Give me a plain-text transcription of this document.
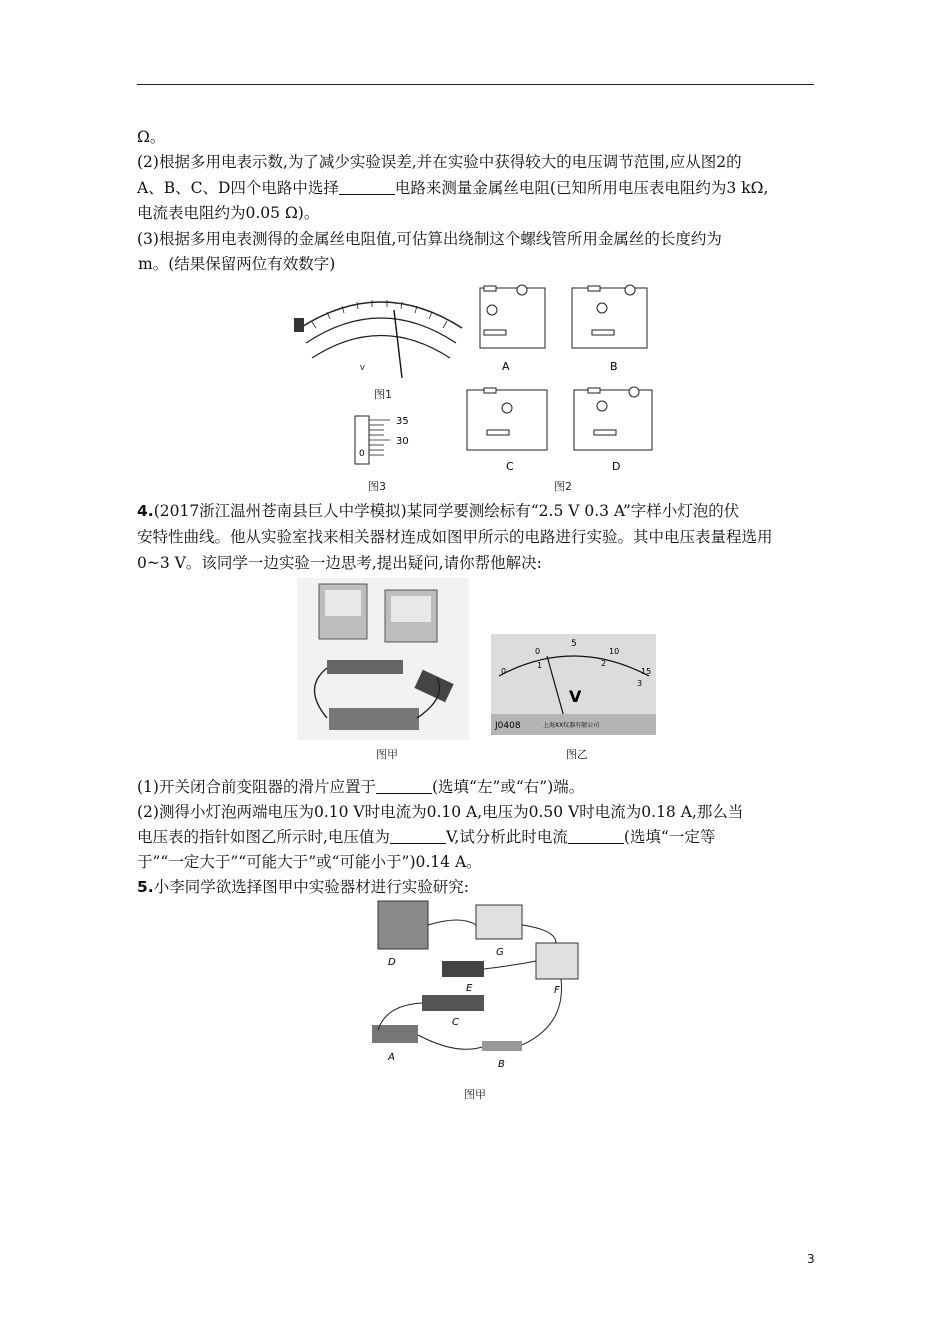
Ω。
(2)根据多用电表示数,为了减少实验误差,并在实验中获得较大的电压调节范围,应从图2的
A、B、C、D四个电路中选择	电路来测量金属丝电阻(已知所用电压表电阻约为3 kΩ,
电流表电阻约为0.05 Ω)。
(3)根据多用电表测得的金属丝电阻值,可估算出绕制这个螺线管所用金属丝的长度约为
m。(结果保留两位有效数字)
V
图1
35
30
0
图3
A	B
C	D
图2
4.(2017浙江温州苍南县巨人中学模拟)某同学要测绘标有“2.5 V 0.3 A”字样小灯泡的伏
安特性曲线。他从实验室找来相关器材连成如图甲所示的电路进行实验。其中电压表量程选用
0~3 V。该同学一边实验一边思考,提出疑问,请你帮他解决:
图甲
0
0
5
10
15
1	2
3
V
J0408	上海XX仪器有限公司
图乙
(1)开关闭合前变阻器的滑片应置于	(选填“左”或“右”)端。
(2)测得小灯泡两端电压为0.10 V时电流为0.10 A,电压为0.50 V时电流为0.18 A,那么当
电压表的指针如图乙所示时,电压值为	V,试分析此时电流	(选填“一定等
于”“一定大于”“可能大于”或“可能小于”)0.14 A。
5.小李同学欲选择图甲中实验器材进行实验研究:
D
G
E	F
C
A
B
图甲
3
